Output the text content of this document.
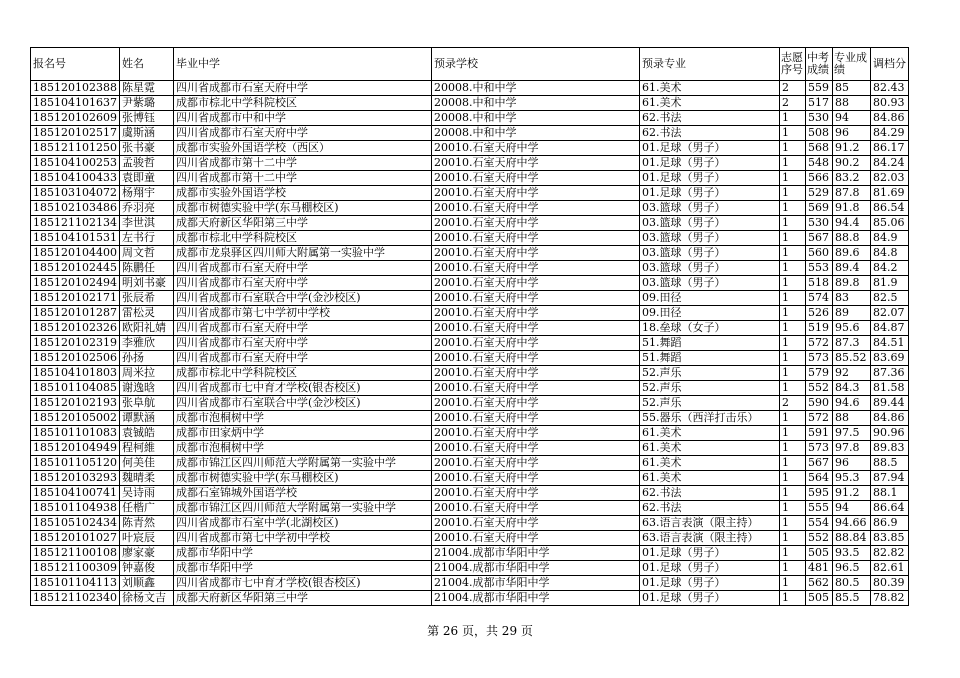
报名号	姓名	毕业中学	预录学校	预录专业	志愿序号	中考成绩	专业成绩	调档分
185120102388	陈星霓	四川省成都市石室天府中学	20008.中和中学	61.美术	2	559	85	82.43
185104101637	尹紫璐	成都市棕北中学科院校区	20008.中和中学	61.美术	2	517	88	80.93
185120102609	张博钰	四川省成都市中和中学	20008.中和中学	62.书法	1	530	94	84.86
185120102517	虞斯涵	四川省成都市石室天府中学	20008.中和中学	62.书法	1	508	96	84.29
185121101250	张书豪	成都市实验外国语学校（西区）	20010.石室天府中学	01.足球（男子）	1	568	91.2	86.17
185104100253	孟骏哲	四川省成都市第十二中学	20010.石室天府中学	01.足球（男子）	1	548	90.2	84.24
185104100433	袁即童	四川省成都市第十二中学	20010.石室天府中学	01.足球（男子）	1	566	83.2	82.03
185103104072	杨翔宇	成都市实验外国语学校	20010.石室天府中学	01.足球（男子）	1	529	87.8	81.69
185102103486	乔羽亮	成都市树德实验中学(东马棚校区)	20010.石室天府中学	03.篮球（男子）	1	569	91.8	86.54
185121102134	李世淇	成都天府新区华阳第三中学	20010.石室天府中学	03.篮球（男子）	1	530	94.4	85.06
185104101531	左书行	成都市棕北中学科院校区	20010.石室天府中学	03.篮球（男子）	1	567	88.8	84.9
185120104400	周文哲	成都市龙泉驿区四川师大附属第一实验中学	20010.石室天府中学	03.篮球（男子）	1	560	89.6	84.8
185120102445	陈鹏任	四川省成都市石室天府中学	20010.石室天府中学	03.篮球（男子）	1	553	89.4	84.2
185120102494	明刘书豪	四川省成都市石室天府中学	20010.石室天府中学	03.篮球（男子）	1	518	89.8	81.9
185120102171	张辰希	四川省成都市石室联合中学(金沙校区)	20010.石室天府中学	09.田径	1	574	83	82.5
185120101287	雷松灵	四川省成都市第七中学初中学校	20010.石室天府中学	09.田径	1	526	89	82.07
185120102326	欧阳礼婧	四川省成都市石室天府中学	20010.石室天府中学	18.垒球（女子）	1	519	95.6	84.87
185120102319	李雅欣	四川省成都市石室天府中学	20010.石室天府中学	51.舞蹈	1	572	87.3	84.51
185120102506	孙扬	四川省成都市石室天府中学	20010.石室天府中学	51.舞蹈	1	573	85.52	83.69
185104101803	周米拉	成都市棕北中学科院校区	20010.石室天府中学	52.声乐	1	579	92	87.36
185101104085	谢逸晗	四川省成都市七中育才学校(银杏校区)	20010.石室天府中学	52.声乐	1	552	84.3	81.58
185120102193	张阜航	四川省成都市石室联合中学(金沙校区)	20010.石室天府中学	52.声乐	2	590	94.6	89.44
185120105002	谭默涵	成都市泡桐树中学	20010.石室天府中学	55.器乐（西洋打击乐）	1	572	88	84.86
185101101083	袁铖皓	成都市田家炳中学	20010.石室天府中学	61.美术	1	591	97.5	90.96
185120104949	程柯維	成都市泡桐树中学	20010.石室天府中学	61.美术	1	573	97.8	89.83
185101105120	何美佳	成都市锦江区四川师范大学附属第一实验中学	20010.石室天府中学	61.美术	1	567	96	88.5
185120103293	魏晴柔	成都市树德实验中学(东马棚校区)	20010.石室天府中学	61.美术	1	564	95.3	87.94
185104100741	吴诗雨	成都石室锦城外国语学校	20010.石室天府中学	62.书法	1	595	91.2	88.1
185101104938	任楷广	成都市锦江区四川师范大学附属第一实验中学	20010.石室天府中学	62.书法	1	555	94	86.64
185105102434	陈青然	四川省成都市石室中学(北湖校区)	20010.石室天府中学	63.语言表演（限主持）	1	554	94.66	86.9
185120101027	叶宸辰	四川省成都市第七中学初中学校	20010.石室天府中学	63.语言表演（限主持）	1	552	88.84	83.85
185121100108	廖家豪	成都市华阳中学	21004.成都市华阳中学	01.足球（男子）	1	505	93.5	82.82
185121100309	钟嘉俊	成都市华阳中学	21004.成都市华阳中学	01.足球（男子）	1	481	96.5	82.61
185101104113	刘顺鑫	四川省成都市七中育才学校(银杏校区)	21004.成都市华阳中学	01.足球（男子）	1	562	80.5	80.39
185121102340	徐杨文吉	成都天府新区华阳第三中学	21004.成都市华阳中学	01.足球（男子）	1	505	85.5	78.82
第 26 页，共 29 页
